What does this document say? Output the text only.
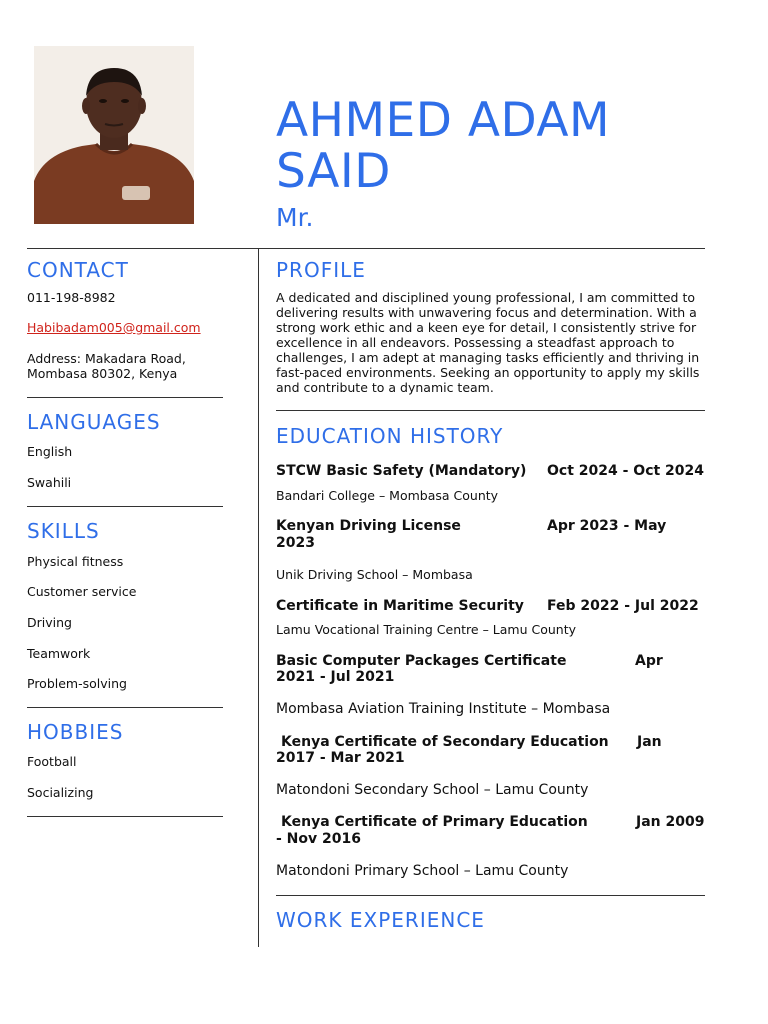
AHMED ADAM
SAID
Mr.
CONTACT
011-198-8982
Habibadam005@gmail.com
Address: Makadara Road,
Mombasa 80302, Kenya
LANGUAGES
English
Swahili
SKILLS
Physical fitness
Customer service
Driving
Teamwork
Problem-solving
HOBBIES
Football
Socializing
PROFILE
A dedicated and disciplined young professional, I am committed to delivering results with unwavering focus and determination. With a strong work ethic and a keen eye for detail, I consistently strive for excellence in all endeavors. Possessing a steadfast approach to challenges, I am adept at managing tasks efficiently and thriving in fast-paced environments. Seeking an opportunity to apply my skills and contribute to a dynamic team.
EDUCATION HISTORY
STCW Basic Safety (Mandatory) Oct 2024 - Oct 2024
Bandari College – Mombasa County
Kenyan Driving License	Apr 2023 - May
2023
Unik Driving School – Mombasa
Certificate in Maritime Security Feb 2022 - Jul 2022
Lamu Vocational Training Centre – Lamu County
Basic Computer Packages Certificate	Apr
2021 - Jul 2021
Mombasa Aviation Training Institute – Mombasa
Kenya Certificate of Secondary Education Jan
2017 - Mar 2021
Matondoni Secondary School – Lamu County
Kenya Certificate of Primary Education	Jan 2009
- Nov 2016
Matondoni Primary School – Lamu County
WORK EXPERIENCE
